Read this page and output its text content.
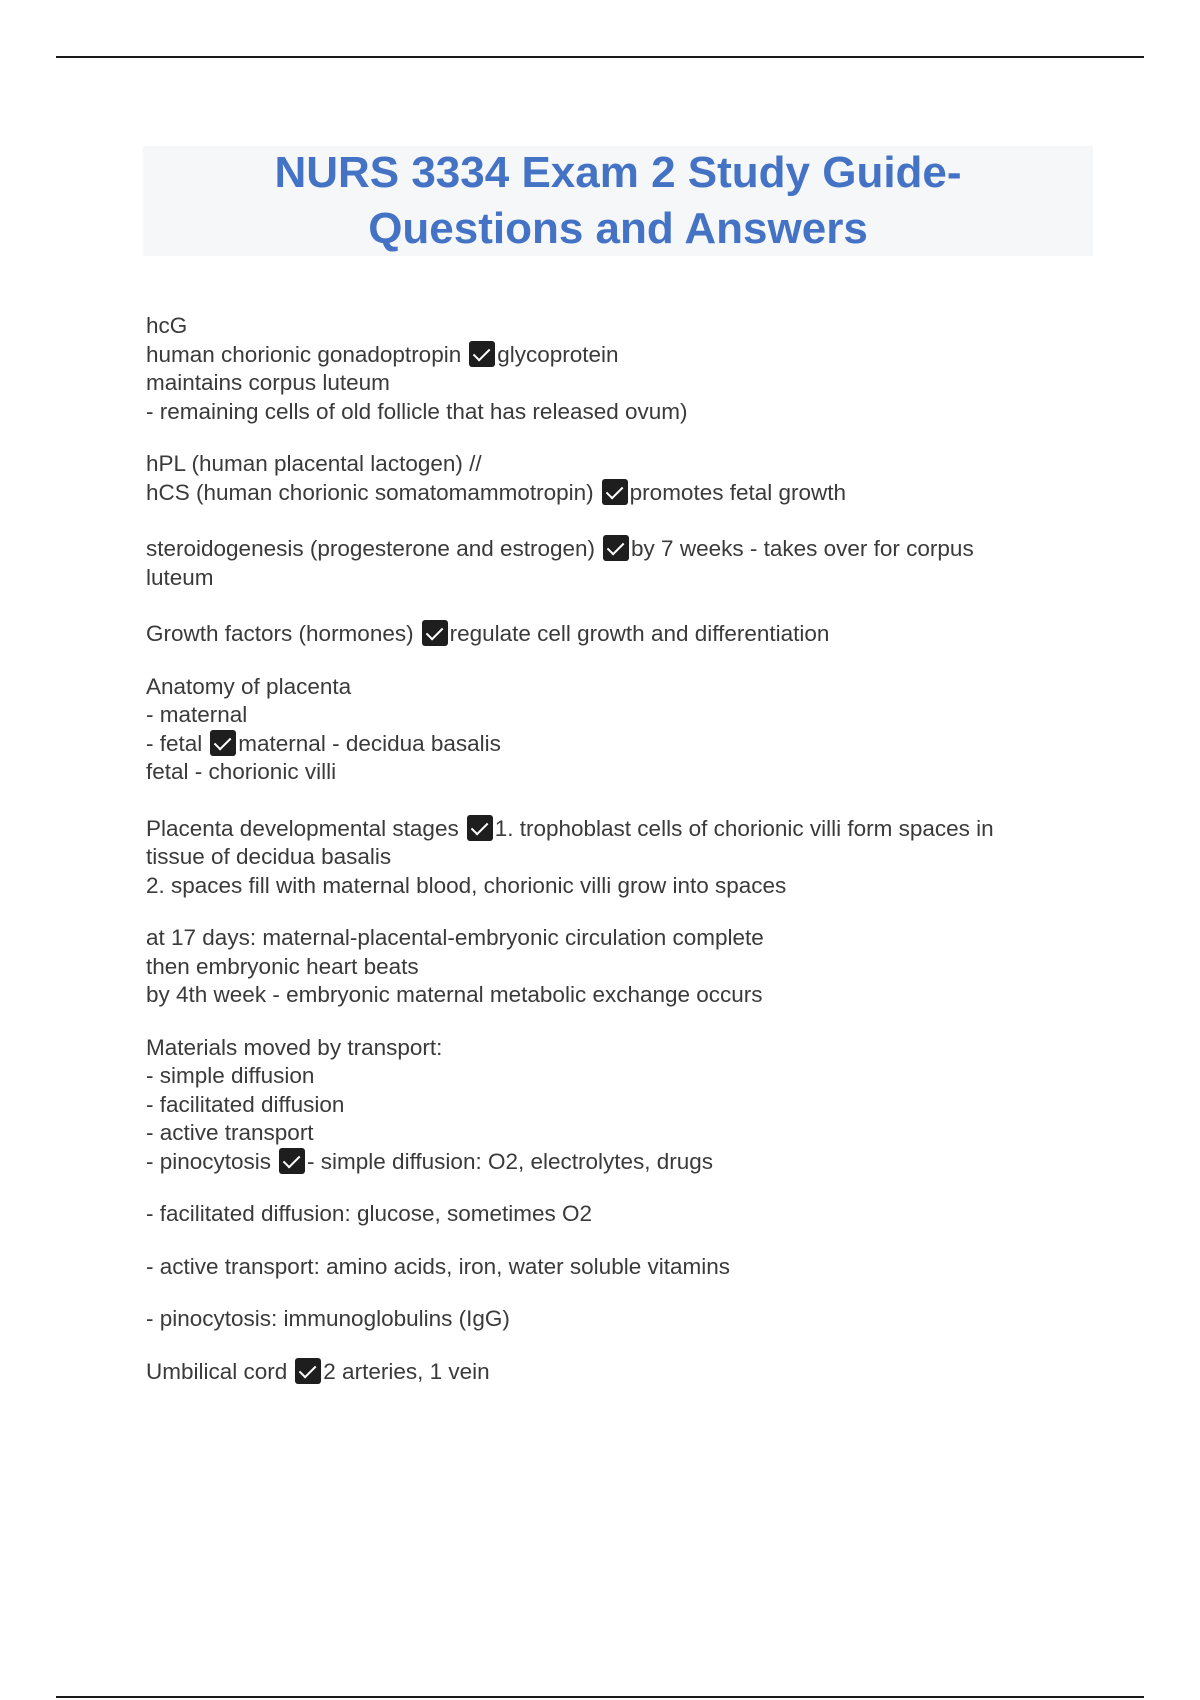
NURS 3334 Exam 2 Study Guide-
Questions and Answers
hcG
human chorionic gonadoptropin glycoprotein
maintains corpus luteum
- remaining cells of old follicle that has released ovum)
hPL (human placental lactogen) //
hCS (human chorionic somatomammotropin) promotes fetal growth
steroidogenesis (progesterone and estrogen) by 7 weeks - takes over for corpus
luteum
Growth factors (hormones) regulate cell growth and differentiation
Anatomy of placenta
- maternal
- fetal maternal - decidua basalis
fetal - chorionic villi
Placenta developmental stages 1. trophoblast cells of chorionic villi form spaces in
tissue of decidua basalis
2. spaces fill with maternal blood, chorionic villi grow into spaces
at 17 days: maternal-placental-embryonic circulation complete
then embryonic heart beats
by 4th week - embryonic maternal metabolic exchange occurs
Materials moved by transport:
- simple diffusion
- facilitated diffusion
- active transport
- pinocytosis - simple diffusion: O2, electrolytes, drugs
- facilitated diffusion: glucose, sometimes O2
- active transport: amino acids, iron, water soluble vitamins
- pinocytosis: immunoglobulins (IgG)
Umbilical cord 2 arteries, 1 vein
